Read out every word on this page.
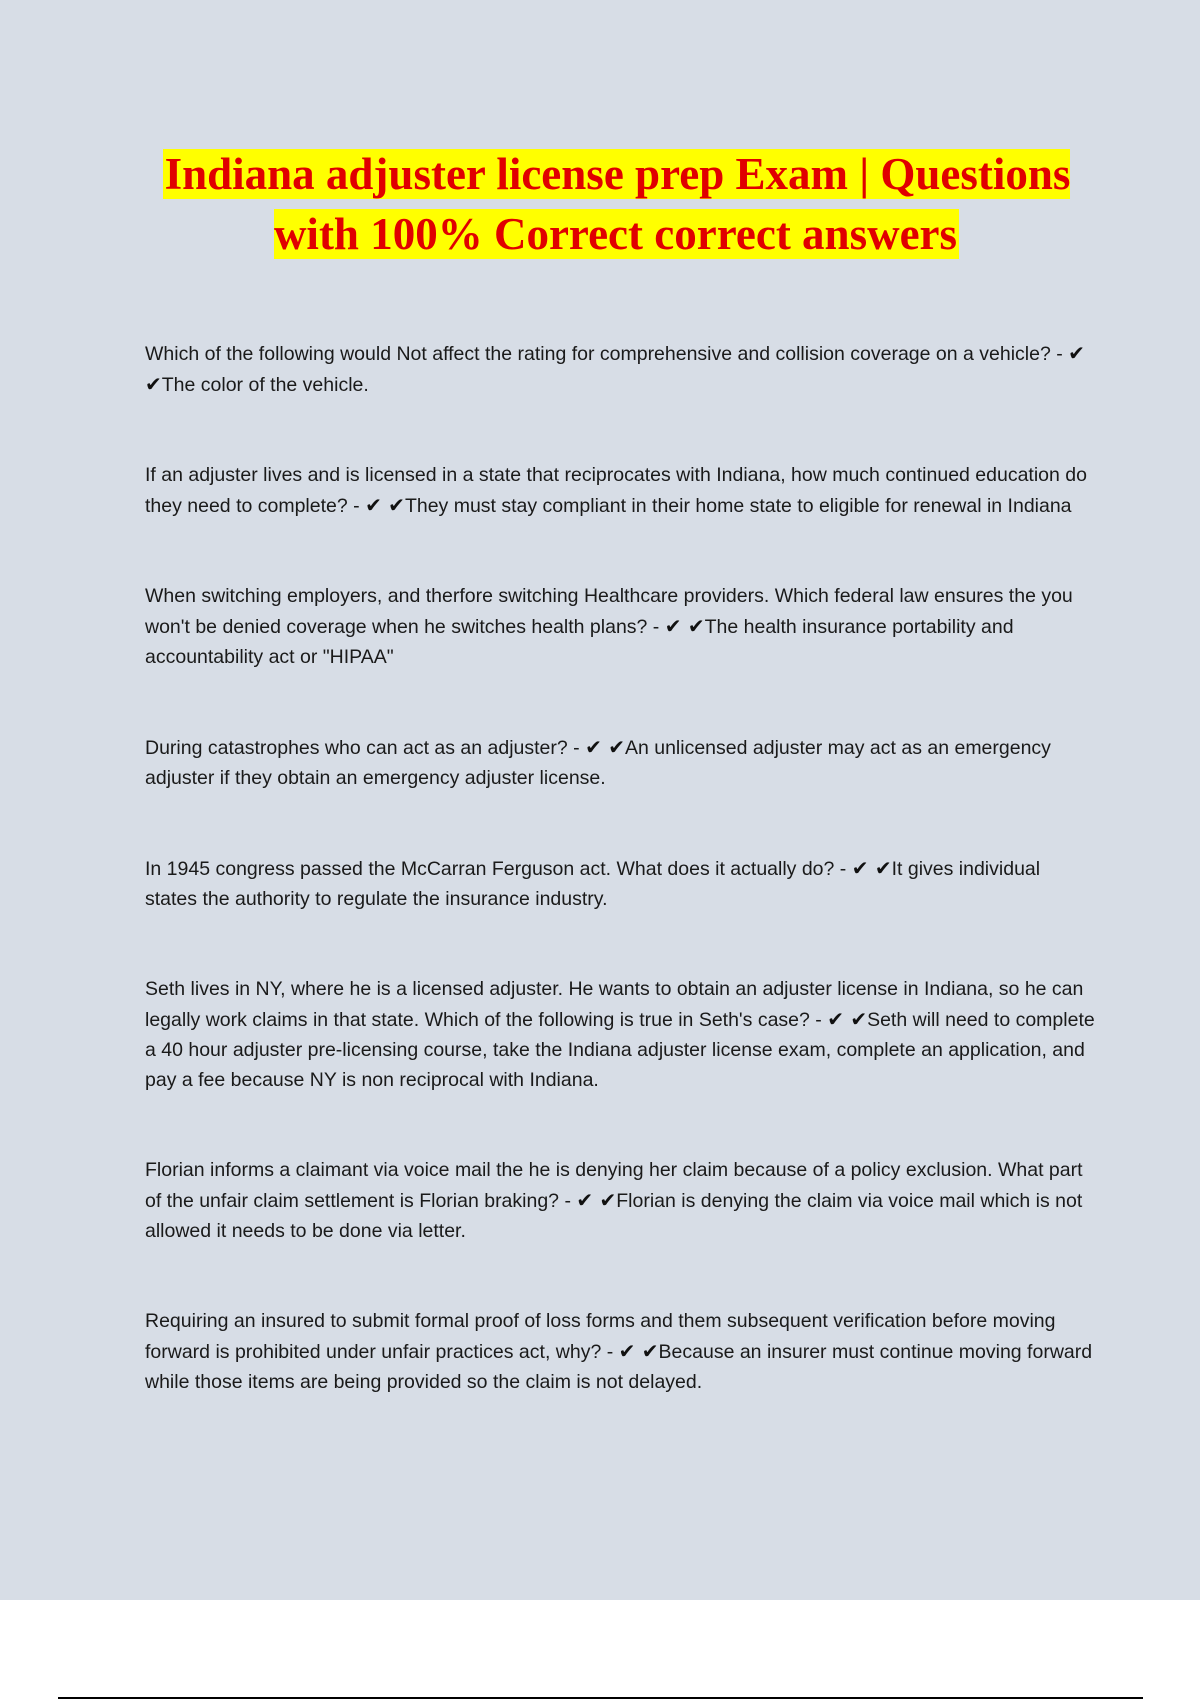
Indiana adjuster license prep Exam | Questions with 100% Correct correct answers

Which of the following would Not affect the rating for comprehensive and collision coverage on a vehicle? - ✔ ✔The color of the vehicle.

If an adjuster lives and is licensed in a state that reciprocates with Indiana, how much continued education do they need to complete? - ✔ ✔They must stay compliant in their home state to eligible for renewal in Indiana

When switching employers, and therfore switching Healthcare providers. Which federal law ensures the you won't be denied coverage when he switches health plans? - ✔ ✔The health insurance portability and accountability act or "HIPAA"

During catastrophes who can act as an adjuster? - ✔ ✔An unlicensed adjuster may act as an emergency adjuster if they obtain an emergency adjuster license.

In 1945 congress passed the McCarran Ferguson act. What does it actually do? - ✔ ✔It gives individual states the authority to regulate the insurance industry.

Seth lives in NY, where he is a licensed adjuster. He wants to obtain an adjuster license in Indiana, so he can legally work claims in that state. Which of the following is true in Seth's case? - ✔ ✔Seth will need to complete a 40 hour adjuster pre-licensing course, take the Indiana adjuster license exam, complete an application, and pay a fee because NY is non reciprocal with Indiana.

Florian informs a claimant via voice mail the he is denying her claim because of a policy exclusion. What part of the unfair claim settlement is Florian braking? - ✔ ✔Florian is denying the claim via voice mail which is not allowed it needs to be done via letter.

Requiring an insured to submit formal proof of loss forms and them subsequent verification before moving forward is prohibited under unfair practices act, why? - ✔ ✔Because an insurer must continue moving forward while those items are being provided so the claim is not delayed.
